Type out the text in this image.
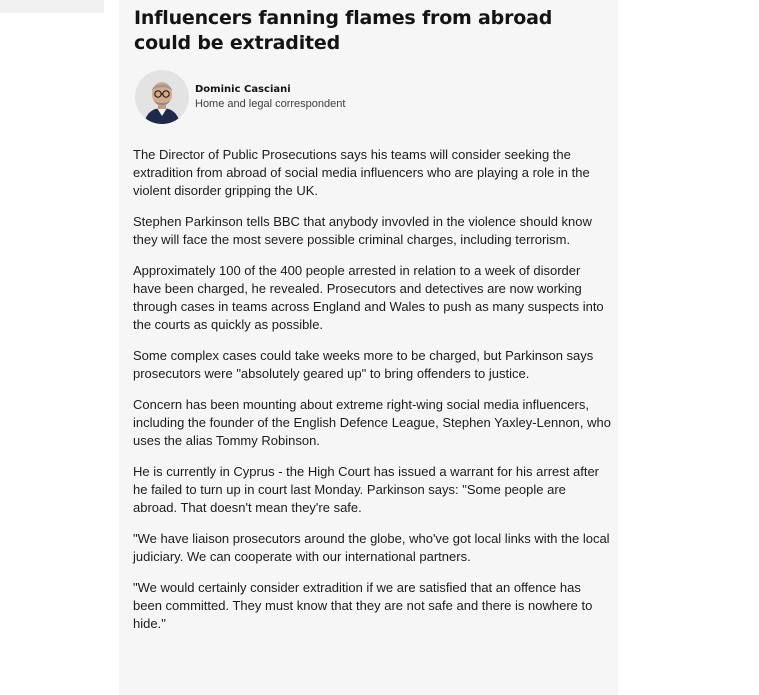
Influencers fanning flames from abroad could be extradited
Dominic Casciani
Home and legal correspondent

The Director of Public Prosecutions says his teams will consider seeking the extradition from abroad of social media influencers who are playing a role in the violent disorder gripping the UK.

Stephen Parkinson tells BBC that anybody invovled in the violence should know they will face the most severe possible criminal charges, including terrorism.

Approximately 100 of the 400 people arrested in relation to a week of disorder have been charged, he revealed. Prosecutors and detectives are now working through cases in teams across England and Wales to push as many suspects into the courts as quickly as possible.

Some complex cases could take weeks more to be charged, but Parkinson says prosecutors were "absolutely geared up" to bring offenders to justice.

Concern has been mounting about extreme right-wing social media influencers, including the founder of the English Defence League, Stephen Yaxley-Lennon, who uses the alias Tommy Robinson.

He is currently in Cyprus - the High Court has issued a warrant for his arrest after he failed to turn up in court last Monday. Parkinson says: "Some people are abroad. That doesn't mean they're safe.

"We have liaison prosecutors around the globe, who've got local links with the local judiciary. We can cooperate with our international partners.

"We would certainly consider extradition if we are satisfied that an offence has been committed. They must know that they are not safe and there is nowhere to hide."
